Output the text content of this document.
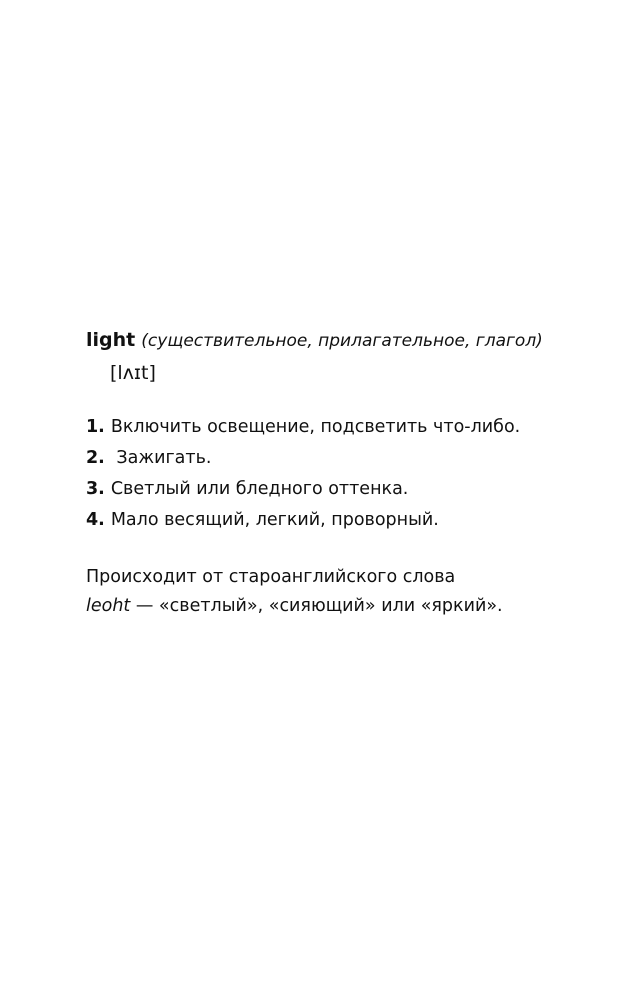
light (существительное, прилагательное, глагол)
[lʌɪt]
1. Включить освещение, подсветить что-либо.
2. Зажигать.
3. Светлый или бледного оттенка.
4. Мало весящий, легкий, проворный.
Происходит от староанглийского слова
leoht — «светлый», «сияющий» или «яркий».
